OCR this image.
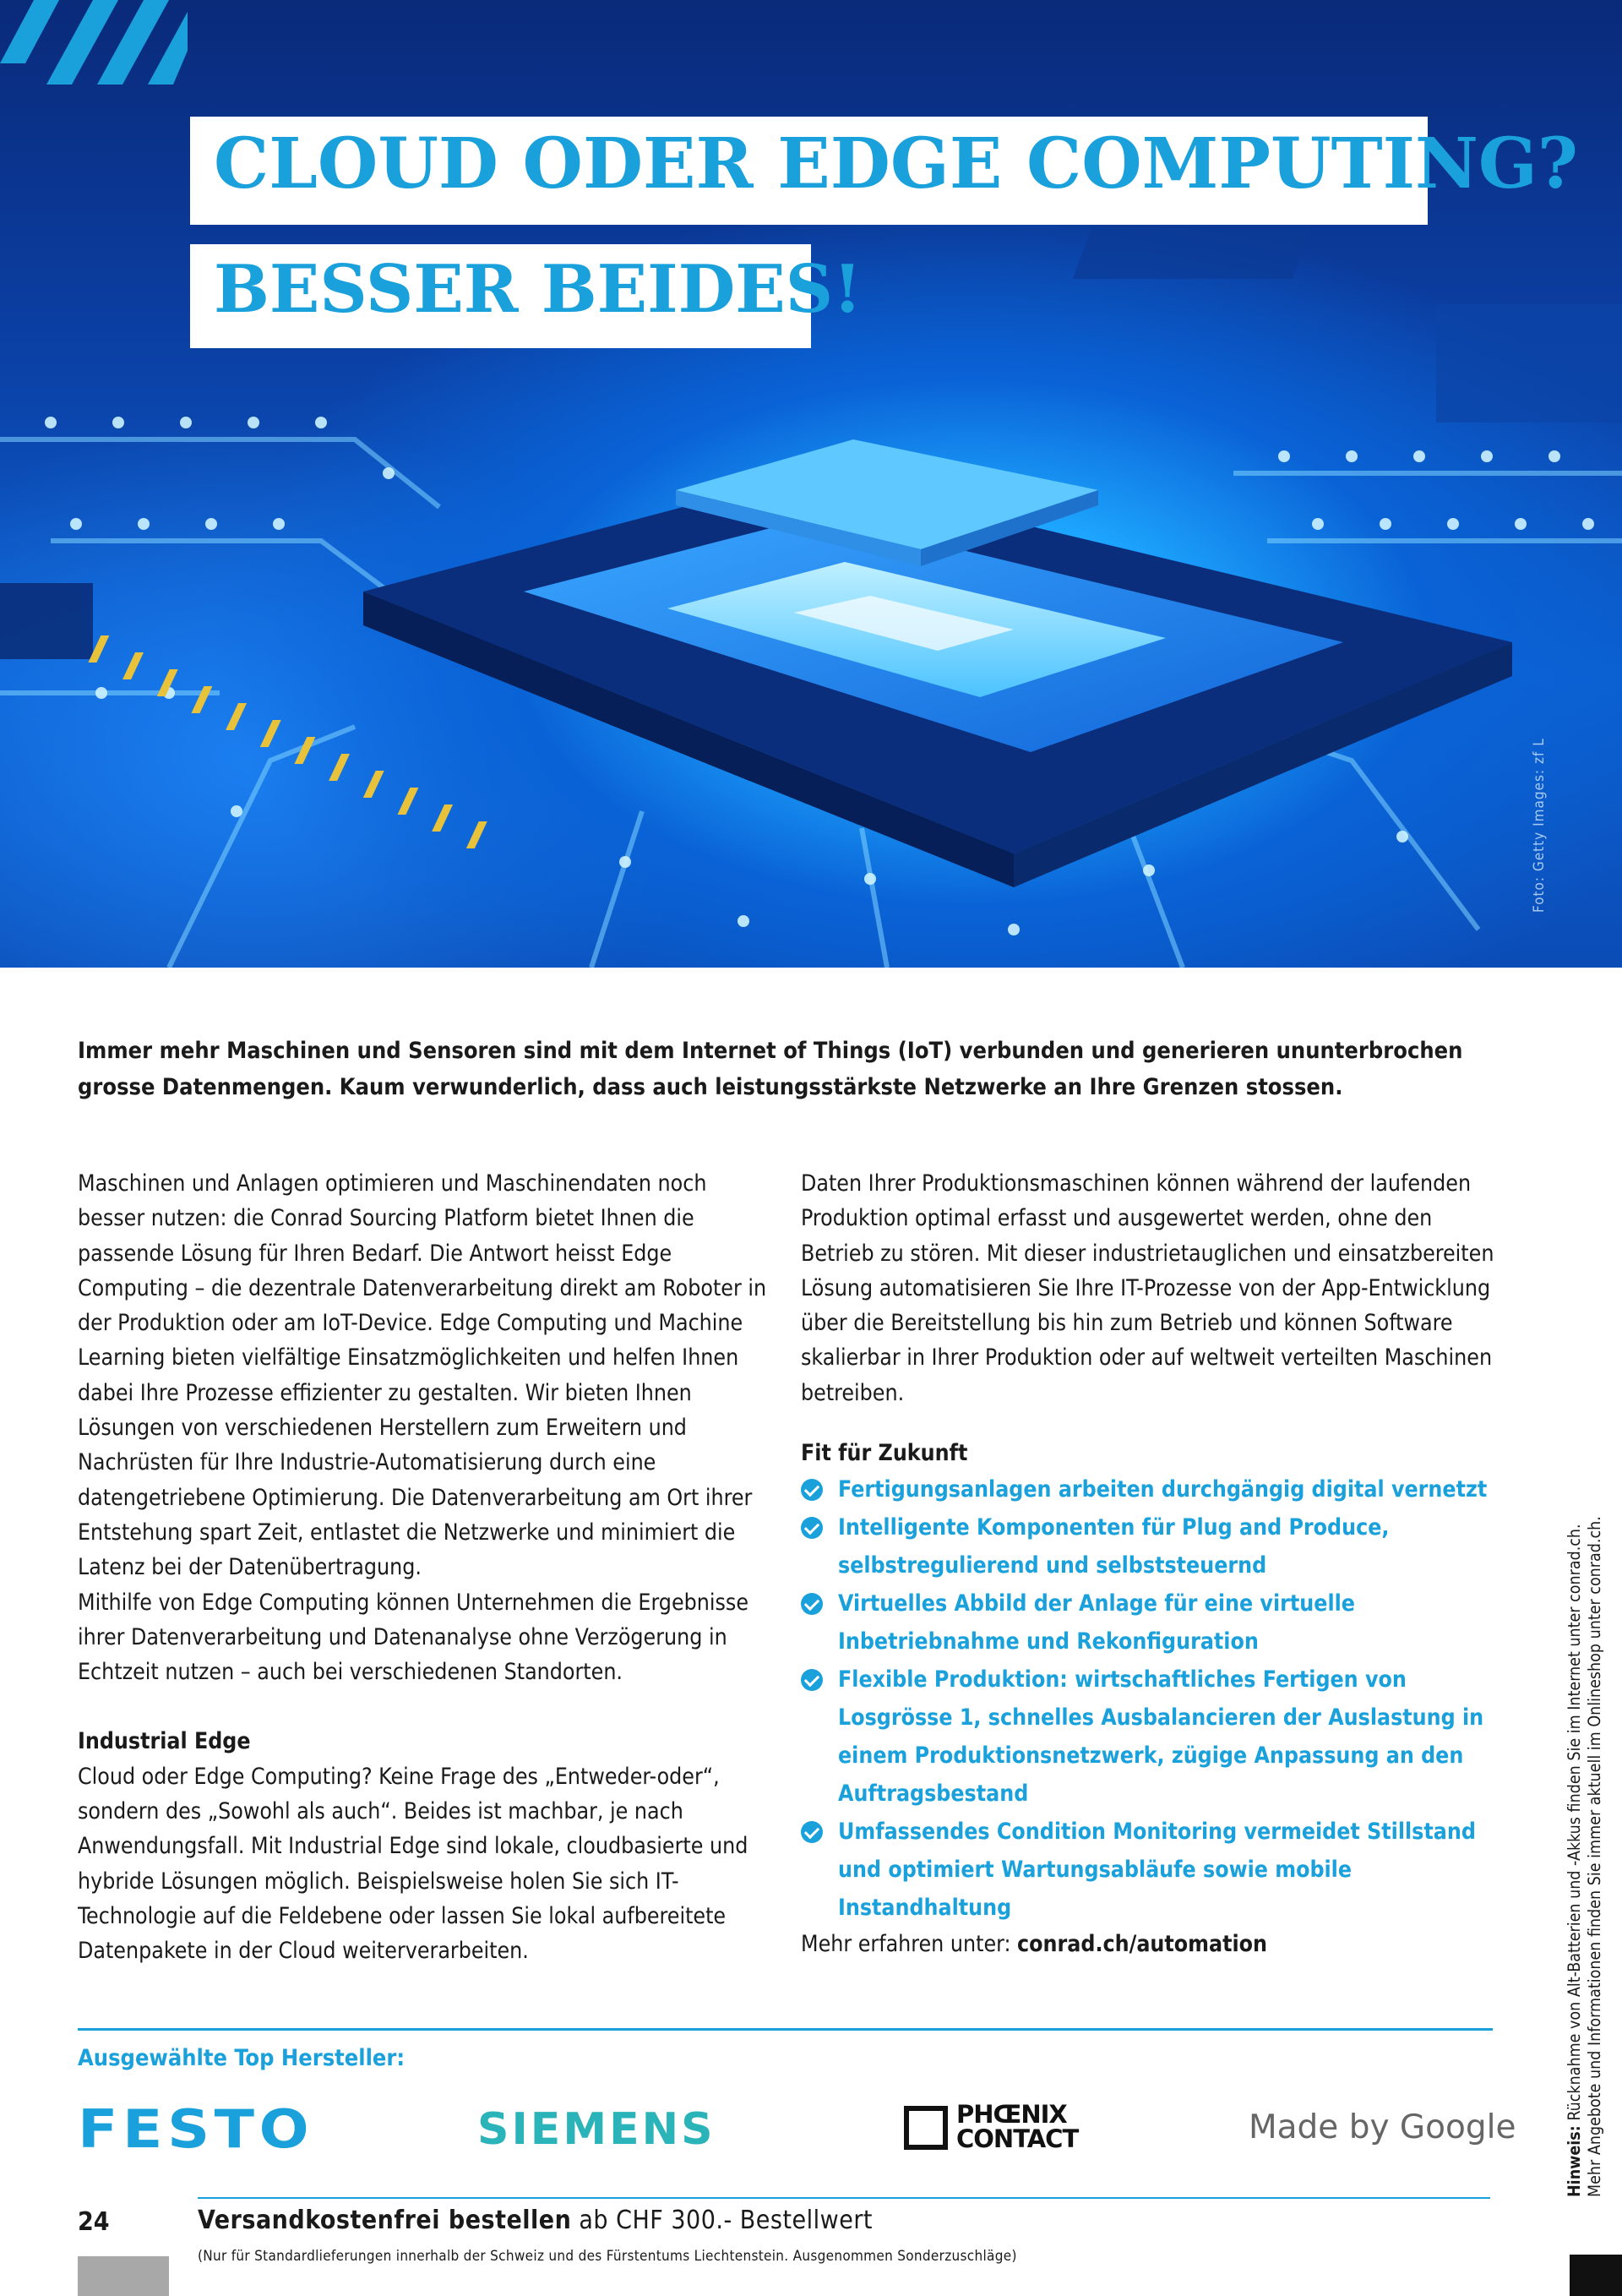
CLOUD ODER EDGE COMPUTING?
BESSER BEIDES!
Foto: Getty Images: zf L
Immer mehr Maschinen und Sensoren sind mit dem Internet of Things (IoT) verbunden und generieren ununterbrochen grosse Datenmengen. Kaum verwunderlich, dass auch leistungsstärkste Netzwerke an Ihre Grenzen stossen.

Maschinen und Anlagen optimieren und Maschinendaten noch besser nutzen: die Conrad Sourcing Platform bietet Ihnen die passende Lösung für Ihren Bedarf. Die Antwort heisst Edge Computing – die dezentrale Datenverarbeitung direkt am Roboter in der Produktion oder am IoT-Device. Edge Computing und Machine Learning bieten vielfältige Einsatzmöglichkeiten und helfen Ihnen dabei Ihre Prozesse effizienter zu gestalten. Wir bieten Ihnen Lösungen von verschiedenen Herstellern zum Erweitern und Nachrüsten für Ihre Industrie-Automatisierung durch eine datengetriebene Optimierung. Die Datenverarbeitung am Ort ihrer Entstehung spart Zeit, entlastet die Netzwerke und minimiert die Latenz bei der Datenübertragung.

Mithilfe von Edge Computing können Unternehmen die Ergebnisse ihrer Datenverarbeitung und Datenanalyse ohne Verzögerung in Echtzeit nutzen – auch bei verschiedenen Standorten.

Industrial Edge

Cloud oder Edge Computing? Keine Frage des „Entweder-oder“, sondern des „Sowohl als auch“. Beides ist machbar, je nach Anwendungsfall. Mit Industrial Edge sind lokale, cloudbasierte und hybride Lösungen möglich. Beispielsweise holen Sie sich IT-Technologie auf die Feldebene oder lassen Sie lokal aufbereitete Datenpakete in der Cloud weiterverarbeiten.

Daten Ihrer Produktionsmaschinen können während der laufenden Produktion optimal erfasst und ausgewertet werden, ohne den Betrieb zu stören. Mit dieser industrietauglichen und einsatzbereiten Lösung automatisieren Sie Ihre IT-Prozesse von der App-Entwicklung über die Bereitstellung bis hin zum Betrieb und können Software skalierbar in Ihrer Produktion oder auf weltweit verteilten Maschinen betreiben.

Fit für Zukunft
Fertigungsanlagen arbeiten durchgängig digital vernetzt
Intelligente Komponenten für Plug and Produce, selbstregulierend und selbststeuernd
Virtuelles Abbild der Anlage für eine virtuelle Inbetriebnahme und Rekonfiguration
Flexible Produktion: wirtschaftliches Fertigen von Losgrösse 1, schnelles Ausbalancieren der Auslastung in einem Produktionsnetzwerk, zügige Anpassung an den Auftragsbestand
Umfassendes Condition Monitoring vermeidet Stillstand und optimiert Wartungsabläufe sowie mobile Instandhaltung

Mehr erfahren unter: conrad.ch/automation

Ausgewählte Top Hersteller:
FESTO	SIEMENS	PHŒNIX
CONTACT	Made by Google	Hinweis: Rücknahme von Alt-Batterien und -Akkus finden Sie im Internet unter conrad.ch. Mehr Angebote und Informationen finden Sie immer aktuell im Onlineshop unter conrad.ch.
24	Versandkostenfrei bestellen ab CHF 300.- Bestellwert
(Nur für Standardlieferungen innerhalb der Schweiz und des Fürstentums Liechtenstein. Ausgenommen Sonderzuschläge)
